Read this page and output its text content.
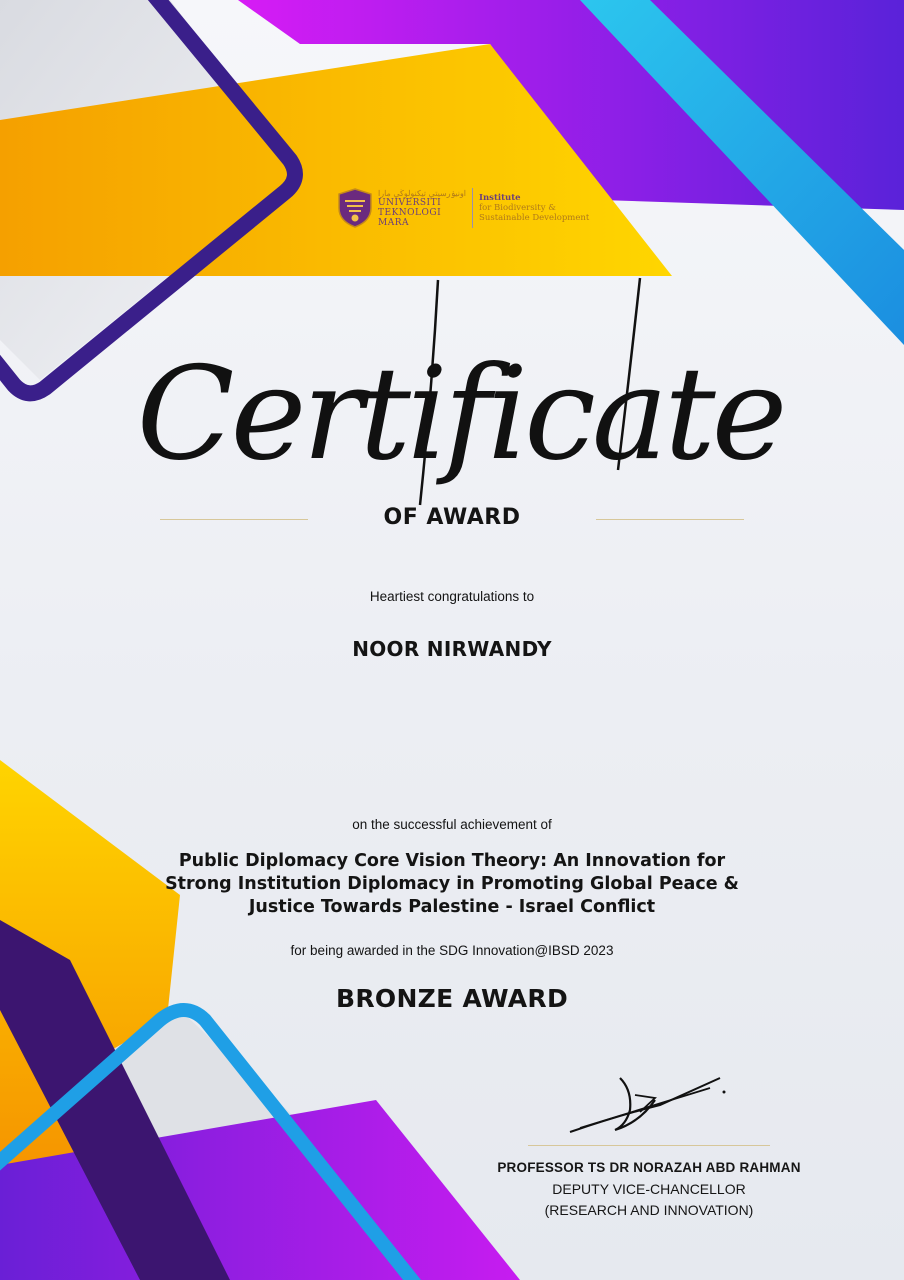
اونيۏرسيتي تيكنولوڬي مارا
UNIVERSITI
TEKNOLOGI
MARA
Institute
for Biodiversity &
Sustainable Development
Certificate
OF AWARD
Heartiest congratulations to
NOOR NIRWANDY
on the successful achievement of
Public Diplomacy Core Vision Theory: An Innovation for
Strong Institution Diplomacy in Promoting Global Peace &
Justice Towards Palestine - Israel Conflict
for being awarded in the SDG Innovation@IBSD 2023
BRONZE AWARD
PROFESSOR TS DR NORAZAH ABD RAHMAN
DEPUTY VICE-CHANCELLOR
(RESEARCH AND INNOVATION)
